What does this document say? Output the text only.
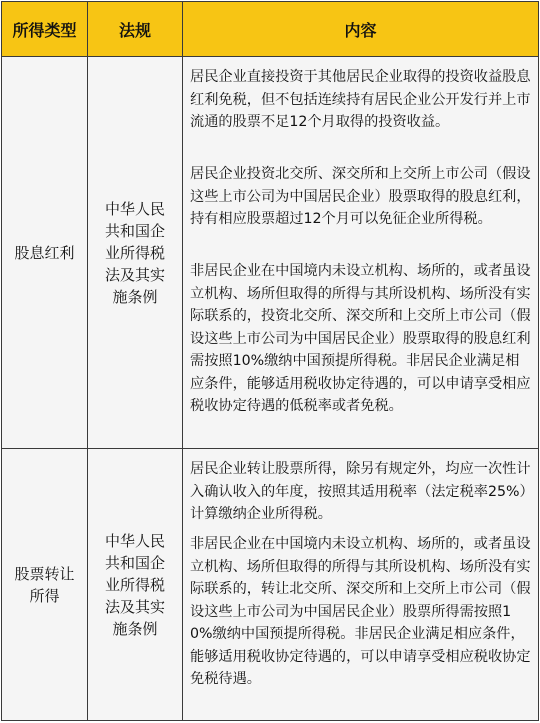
所得类型	法规	内容
股息红利
中华人民共和国企业所得税法及其实施条例
居民企业直接投资于其他居民企业取得的投资收益股息红利免税，但不包括连续持有居民企业公开发行并上市流通的股票不足12个月取得的投资收益。
居民企业投资北交所、深交所和上交所上市公司（假设这些上市公司为中国居民企业）股票取得的股息红利，持有相应股票超过12个月可以免征企业所得税。
非居民企业在中国境内未设立机构、场所的，或者虽设立机构、场所但取得的所得与其所设机构、场所没有实际联系的，投资北交所、深交所和上交所上市公司（假设这些上市公司为中国居民企业）股票取得的股息红利需按照10%缴纳中国预提所得税。非居民企业满足相应条件，能够适用税收协定待遇的，可以申请享受相应税收协定待遇的低税率或者免税。
股票转让所得
中华人民共和国企业所得税法及其实施条例
居民企业转让股票所得，除另有规定外，均应一次性计入确认收入的年度，按照其适用税率（法定税率25%）计算缴纳企业所得税。
非居民企业在中国境内未设立机构、场所的，或者虽设立机构、场所但取得的所得与其所设机构、场所没有实际联系的，转让北交所、深交所和上交所上市公司（假设这些上市公司为中国居民企业）股票所得需按照10%缴纳中国预提所得税。非居民企业满足相应条件，能够适用税收协定待遇的，可以申请享受相应税收协定免税待遇。
